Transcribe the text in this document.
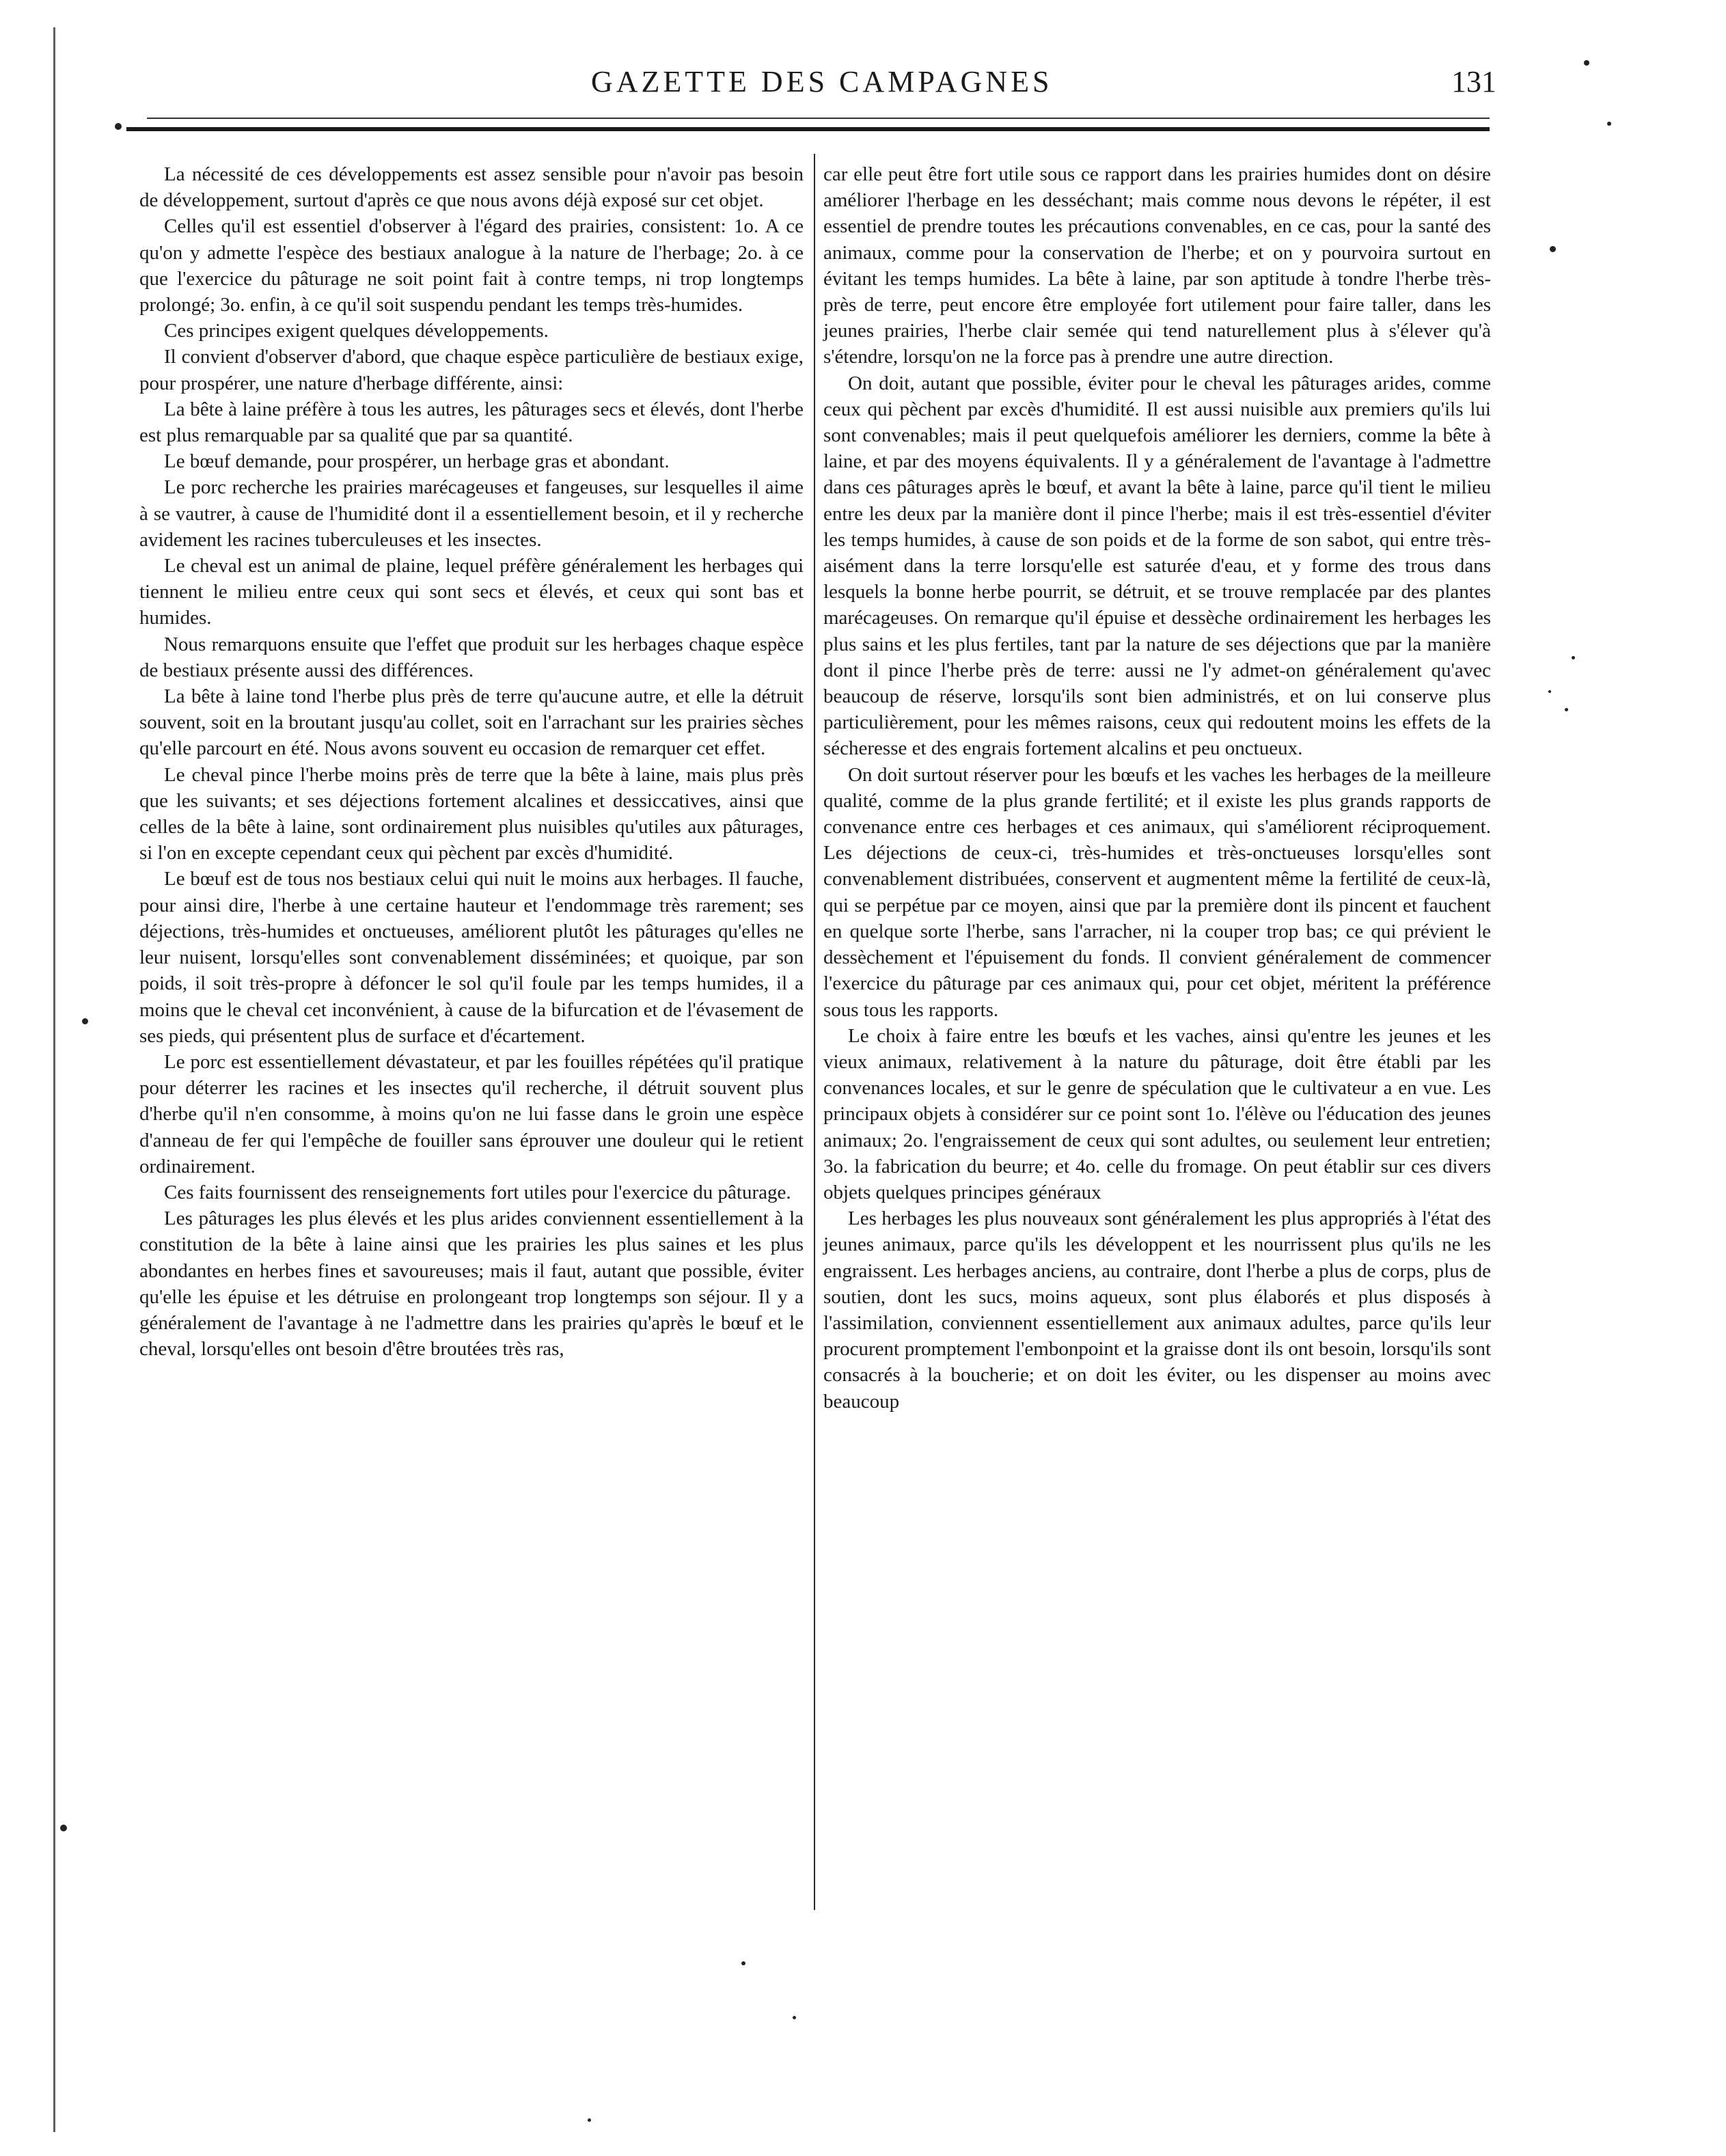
GAZETTE DES CAMPAGNES	131

La nécessité de ces développements est assez sensible pour n'avoir pas besoin de développement, surtout d'après ce que nous avons déjà exposé sur cet objet.

Celles qu'il est essentiel d'observer à l'égard des prairies, consistent: 1o. A ce qu'on y admette l'espèce des bestiaux analogue à la nature de l'herbage; 2o. à ce que l'exercice du pâturage ne soit point fait à contre temps, ni trop longtemps prolongé; 3o. enfin, à ce qu'il soit suspendu pendant les temps très-humides.

Ces principes exigent quelques développements.

Il convient d'observer d'abord, que chaque espèce particulière de bestiaux exige, pour prospérer, une nature d'herbage différente, ainsi:

La bête à laine préfère à tous les autres, les pâturages secs et élevés, dont l'herbe est plus remarquable par sa qualité que par sa quantité.

Le bœuf demande, pour prospérer, un herbage gras et abondant.

Le porc recherche les prairies marécageuses et fangeuses, sur lesquelles il aime à se vautrer, à cause de l'humidité dont il a essentiellement besoin, et il y recherche avidement les racines tuberculeuses et les insectes.

Le cheval est un animal de plaine, lequel préfère généralement les herbages qui tiennent le milieu entre ceux qui sont secs et élevés, et ceux qui sont bas et humides.

Nous remarquons ensuite que l'effet que produit sur les herbages chaque espèce de bestiaux présente aussi des différences.

La bête à laine tond l'herbe plus près de terre qu'aucune autre, et elle la détruit souvent, soit en la broutant jusqu'au collet, soit en l'arrachant sur les prairies sèches qu'elle parcourt en été. Nous avons souvent eu occasion de remarquer cet effet.

Le cheval pince l'herbe moins près de terre que la bête à laine, mais plus près que les suivants; et ses déjections fortement alcalines et dessiccatives, ainsi que celles de la bête à laine, sont ordinairement plus nuisibles qu'utiles aux pâturages, si l'on en excepte cependant ceux qui pèchent par excès d'humidité.

Le bœuf est de tous nos bestiaux celui qui nuit le moins aux herbages. Il fauche, pour ainsi dire, l'herbe à une certaine hauteur et l'endommage très rarement; ses déjections, très-humides et onctueuses, améliorent plutôt les pâturages qu'elles ne leur nuisent, lorsqu'elles sont convenablement disséminées; et quoique, par son poids, il soit très-propre à défoncer le sol qu'il foule par les temps humides, il a moins que le cheval cet inconvénient, à cause de la bifurcation et de l'évasement de ses pieds, qui présentent plus de surface et d'écartement.

Le porc est essentiellement dévastateur, et par les fouilles répétées qu'il pratique pour déterrer les racines et les insectes qu'il recherche, il détruit souvent plus d'herbe qu'il n'en consomme, à moins qu'on ne lui fasse dans le groin une espèce d'anneau de fer qui l'empêche de fouiller sans éprouver une douleur qui le retient ordinairement.

Ces faits fournissent des renseignements fort utiles pour l'exercice du pâturage.

Les pâturages les plus élevés et les plus arides conviennent essentiellement à la constitution de la bête à laine ainsi que les prairies les plus saines et les plus abondantes en herbes fines et savoureuses; mais il faut, autant que possible, éviter qu'elle les épuise et les détruise en prolongeant trop longtemps son séjour. Il y a généralement de l'avantage à ne l'admettre dans les prairies qu'après le bœuf et le cheval, lorsqu'elles ont besoin d'être broutées très ras,

car elle peut être fort utile sous ce rapport dans les prairies humides dont on désire améliorer l'herbage en les desséchant; mais comme nous devons le répéter, il est essentiel de prendre toutes les précautions convenables, en ce cas, pour la santé des animaux, comme pour la conservation de l'herbe; et on y pourvoira surtout en évitant les temps humides. La bête à laine, par son aptitude à tondre l'herbe très-près de terre, peut encore être employée fort utilement pour faire taller, dans les jeunes prairies, l'herbe clair semée qui tend naturellement plus à s'élever qu'à s'étendre, lorsqu'on ne la force pas à prendre une autre direction.

On doit, autant que possible, éviter pour le cheval les pâturages arides, comme ceux qui pèchent par excès d'humidité. Il est aussi nuisible aux premiers qu'ils lui sont convenables; mais il peut quelquefois améliorer les derniers, comme la bête à laine, et par des moyens équivalents. Il y a généralement de l'avantage à l'admettre dans ces pâturages après le bœuf, et avant la bête à laine, parce qu'il tient le milieu entre les deux par la manière dont il pince l'herbe; mais il est très-essentiel d'éviter les temps humides, à cause de son poids et de la forme de son sabot, qui entre très-aisément dans la terre lorsqu'elle est saturée d'eau, et y forme des trous dans lesquels la bonne herbe pourrit, se détruit, et se trouve remplacée par des plantes marécageuses. On remarque qu'il épuise et dessèche ordinairement les herbages les plus sains et les plus fertiles, tant par la nature de ses déjections que par la manière dont il pince l'herbe près de terre: aussi ne l'y admet-on généralement qu'avec beaucoup de réserve, lorsqu'ils sont bien administrés, et on lui conserve plus particulièrement, pour les mêmes raisons, ceux qui redoutent moins les effets de la sécheresse et des engrais fortement alcalins et peu onctueux.

On doit surtout réserver pour les bœufs et les vaches les herbages de la meilleure qualité, comme de la plus grande fertilité; et il existe les plus grands rapports de convenance entre ces herbages et ces animaux, qui s'améliorent réciproquement. Les déjections de ceux-ci, très-humides et très-onctueuses lorsqu'elles sont convenablement distribuées, conservent et augmentent même la fertilité de ceux-là, qui se perpétue par ce moyen, ainsi que par la première dont ils pincent et fauchent en quelque sorte l'herbe, sans l'arracher, ni la couper trop bas; ce qui prévient le dessèchement et l'épuisement du fonds. Il convient généralement de commencer l'exercice du pâturage par ces animaux qui, pour cet objet, méritent la préférence sous tous les rapports.

Le choix à faire entre les bœufs et les vaches, ainsi qu'entre les jeunes et les vieux animaux, relativement à la nature du pâturage, doit être établi par les convenances locales, et sur le genre de spéculation que le cultivateur a en vue. Les principaux objets à considérer sur ce point sont 1o. l'élève ou l'éducation des jeunes animaux; 2o. l'engraissement de ceux qui sont adultes, ou seulement leur entretien; 3o. la fabrication du beurre; et 4o. celle du fromage. On peut établir sur ces divers objets quelques principes généraux

Les herbages les plus nouveaux sont généralement les plus appropriés à l'état des jeunes animaux, parce qu'ils les développent et les nourrissent plus qu'ils ne les engraissent. Les herbages anciens, au contraire, dont l'herbe a plus de corps, plus de soutien, dont les sucs, moins aqueux, sont plus élaborés et plus disposés à l'assimilation, conviennent essentiellement aux animaux adultes, parce qu'ils leur procurent promptement l'embonpoint et la graisse dont ils ont besoin, lorsqu'ils sont consacrés à la boucherie; et on doit les éviter, ou les dispenser au moins avec beaucoup
